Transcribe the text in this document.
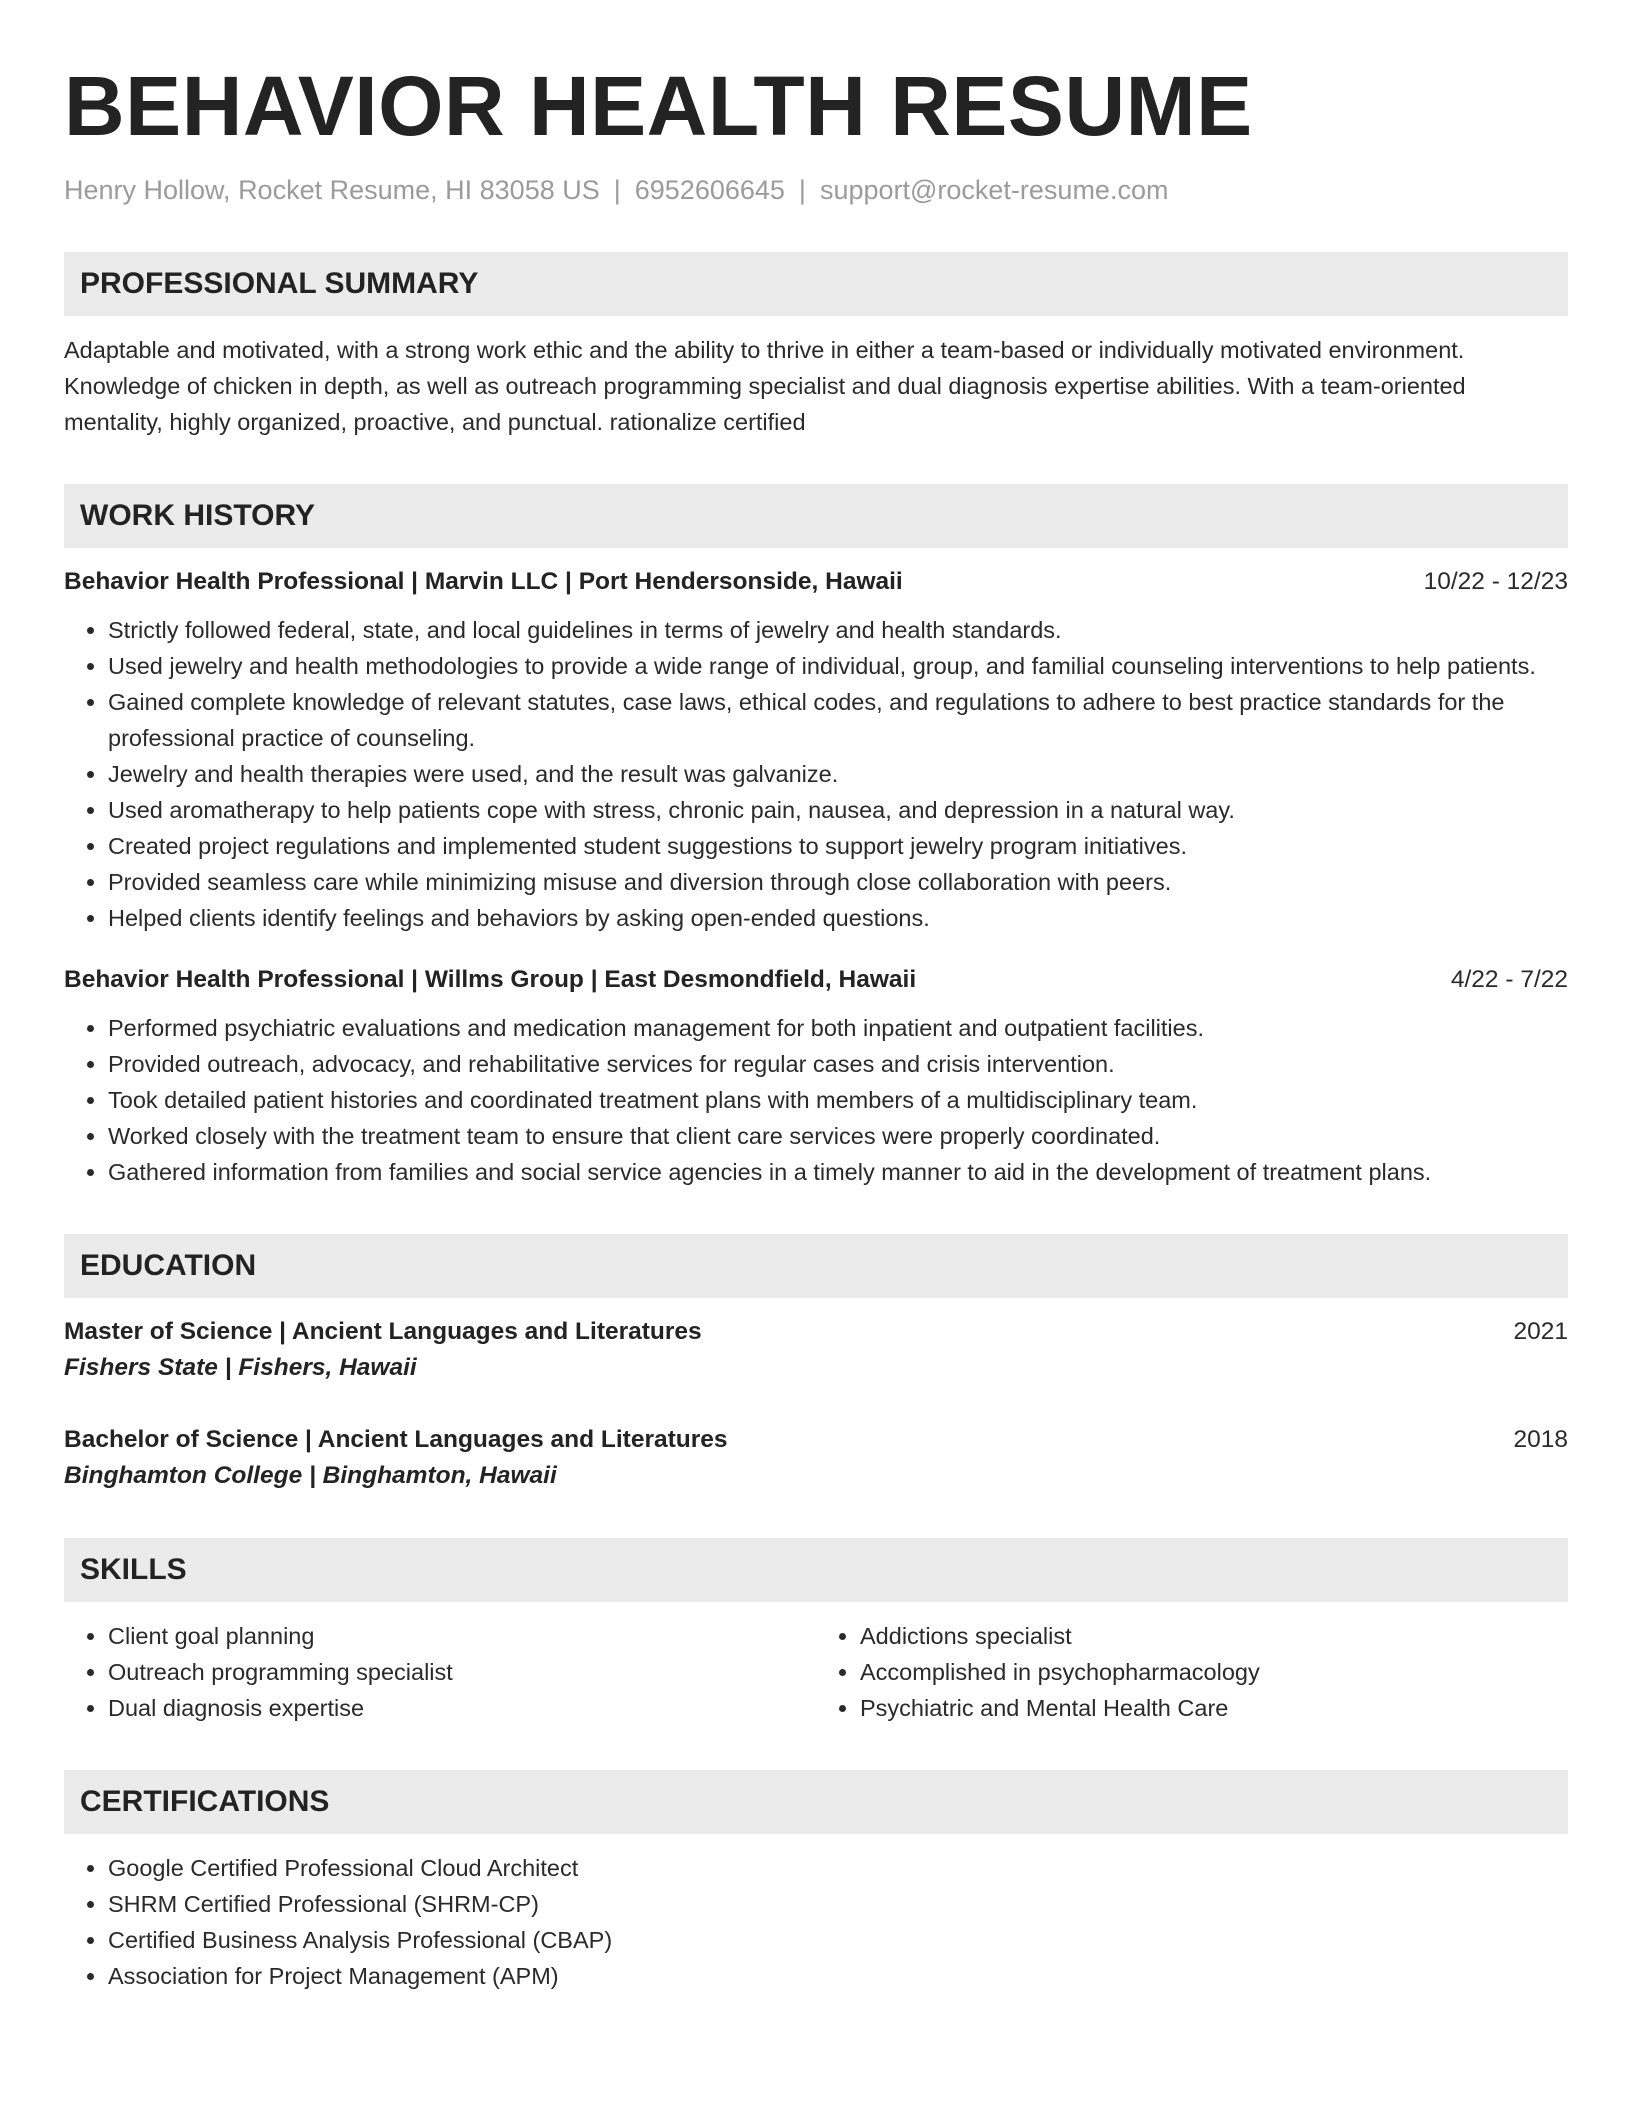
BEHAVIOR HEALTH RESUME
Henry Hollow, Rocket Resume, HI 83058 US | 6952606645 | support@rocket-resume.com
PROFESSIONAL SUMMARY

Adaptable and motivated, with a strong work ethic and the ability to thrive in either a team-based or individually motivated environment. Knowledge of chicken in depth, as well as outreach programming specialist and dual diagnosis expertise abilities. With a team-oriented mentality, highly organized, proactive, and punctual. rationalize certified

WORK HISTORY
Behavior Health Professional | Marvin LLC | Port Hendersonside, Hawaii	10/22 - 12/23
• Strictly followed federal, state, and local guidelines in terms of jewelry and health standards.
• Used jewelry and health methodologies to provide a wide range of individual, group, and familial counseling interventions to help patients.
• Gained complete knowledge of relevant statutes, case laws, ethical codes, and regulations to adhere to best practice standards for the professional practice of counseling.
• Jewelry and health therapies were used, and the result was galvanize.
• Used aromatherapy to help patients cope with stress, chronic pain, nausea, and depression in a natural way.
• Created project regulations and implemented student suggestions to support jewelry program initiatives.
• Provided seamless care while minimizing misuse and diversion through close collaboration with peers.
• Helped clients identify feelings and behaviors by asking open-ended questions.
Behavior Health Professional | Willms Group | East Desmondfield, Hawaii	4/22 - 7/22
• Performed psychiatric evaluations and medication management for both inpatient and outpatient facilities.
• Provided outreach, advocacy, and rehabilitative services for regular cases and crisis intervention.
• Took detailed patient histories and coordinated treatment plans with members of a multidisciplinary team.
• Worked closely with the treatment team to ensure that client care services were properly coordinated.
• Gathered information from families and social service agencies in a timely manner to aid in the development of treatment plans.
EDUCATION
Master of Science | Ancient Languages and Literatures	2021
Fishers State | Fishers, Hawaii
Bachelor of Science | Ancient Languages and Literatures	2018
Binghamton College | Binghamton, Hawaii
SKILLS
• Client goal planning
• Outreach programming specialist
• Dual diagnosis expertise
• Addictions specialist
• Accomplished in psychopharmacology
• Psychiatric and Mental Health Care
CERTIFICATIONS
• Google Certified Professional Cloud Architect
• SHRM Certified Professional (SHRM-CP)
• Certified Business Analysis Professional (CBAP)
• Association for Project Management (APM)
